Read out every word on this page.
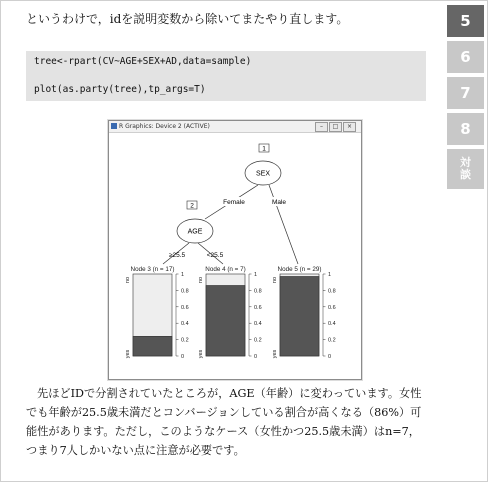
というわけで，idを説明変数から除いてまたやり直します。
tree<-rpart(CV~AGE+SEX+AD,data=sample)
plot(as.party(tree),tp_args=T)
5
6
7
8
対
談
R Graphics: Device 2 (ACTIVE)	–	□	×
1
SEX
Female	Male
2
AGE
≥25.5	<25.5
Node 3 (n = 17)
no
yes
1
0.8
0.6
0.4
0.2
0
Node 4 (n = 7)
no
yes
1
0.8
0.6
0.4
0.2
0
Node 5 (n = 29)
no
yes
1
0.8
0.6
0.4
0.2
0
先ほどIDで分割されていたところが，AGE（年齢）に変わっています。女性
でも年齢が25.5歳未満だとコンバージョンしている割合が高くなる（86%）可
能性があります。ただし，このようなケース（女性かつ25.5歳未満）はn=7，
つまり7人しかいない点に注意が必要です。
